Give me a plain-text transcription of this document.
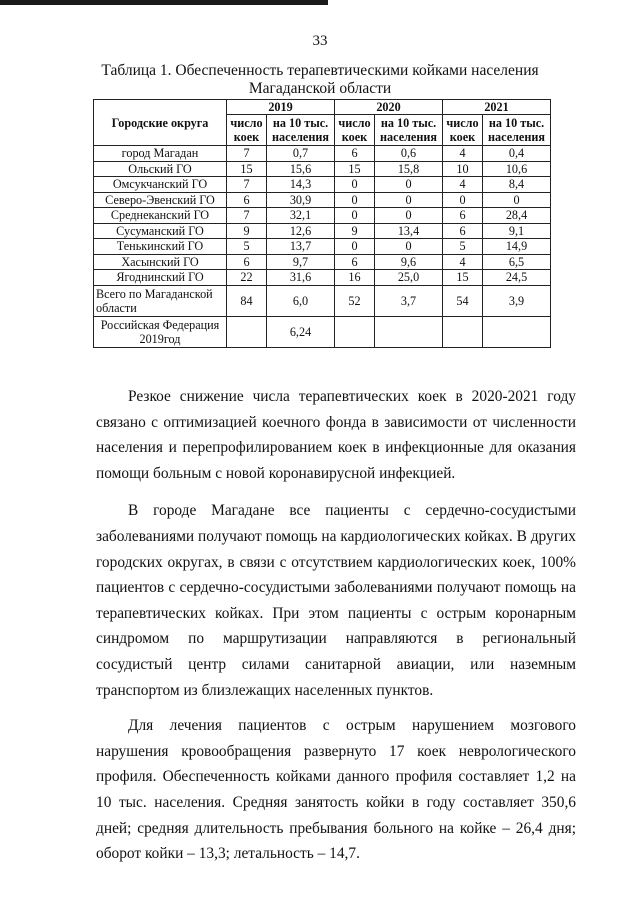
33
Таблица 1. Обеспеченность терапевтическими койками населения
Магаданской области
Городские округа	2019		2020		2021	
	число коек	на 10 тыс. населения	число коек	на 10 тыс. населения	число коек	на 10 тыс. населения
город Магадан	7	0,7	6	0,6	4	0,4
Ольский ГО	15	15,6	15	15,8	10	10,6
Омсукчанский ГО	7	14,3	0	0	4	8,4
Северо-Эвенский ГО	6	30,9	0	0	0	0
Среднеканский ГО	7	32,1	0	0	6	28,4
Сусуманский ГО	9	12,6	9	13,4	6	9,1
Тенькинский ГО	5	13,7	0	0	5	14,9
Хасынский ГО	6	9,7	6	9,6	4	6,5
Ягоднинский ГО	22	31,6	16	25,0	15	24,5
Всего по Магаданской области	84	6,0	52	3,7	54	3,9
Российская Федерация 2019год		6,24				

Резкое снижение числа терапевтических коек в 2020-2021 году связано с оптимизацией коечного фонда в зависимости от численности населения и перепрофилированием коек в инфекционные для оказания помощи больным с новой коронавирусной инфекцией.

В городе Магадане все пациенты с сердечно-сосудистыми заболеваниями получают помощь на кардиологических койках. В других городских округах, в связи с отсутствием кардиологических коек, 100% пациентов с сердечно-сосудистыми заболеваниями получают помощь на терапевтических койках. При этом пациенты с острым коронарным синдромом по маршрутизации направляются в региональный сосудистый центр силами санитарной авиации, или наземным транспортом из близлежащих населенных пунктов.

Для лечения пациентов с острым нарушением мозгового нарушения кровообращения развернуто 17 коек неврологического профиля. Обеспеченность койками данного профиля составляет 1,2 на 10 тыс. населения. Средняя занятость койки в году составляет 350,6 дней; средняя длительность пребывания больного на койке – 26,4 дня; оборот койки – 13,3; летальность – 14,7.
